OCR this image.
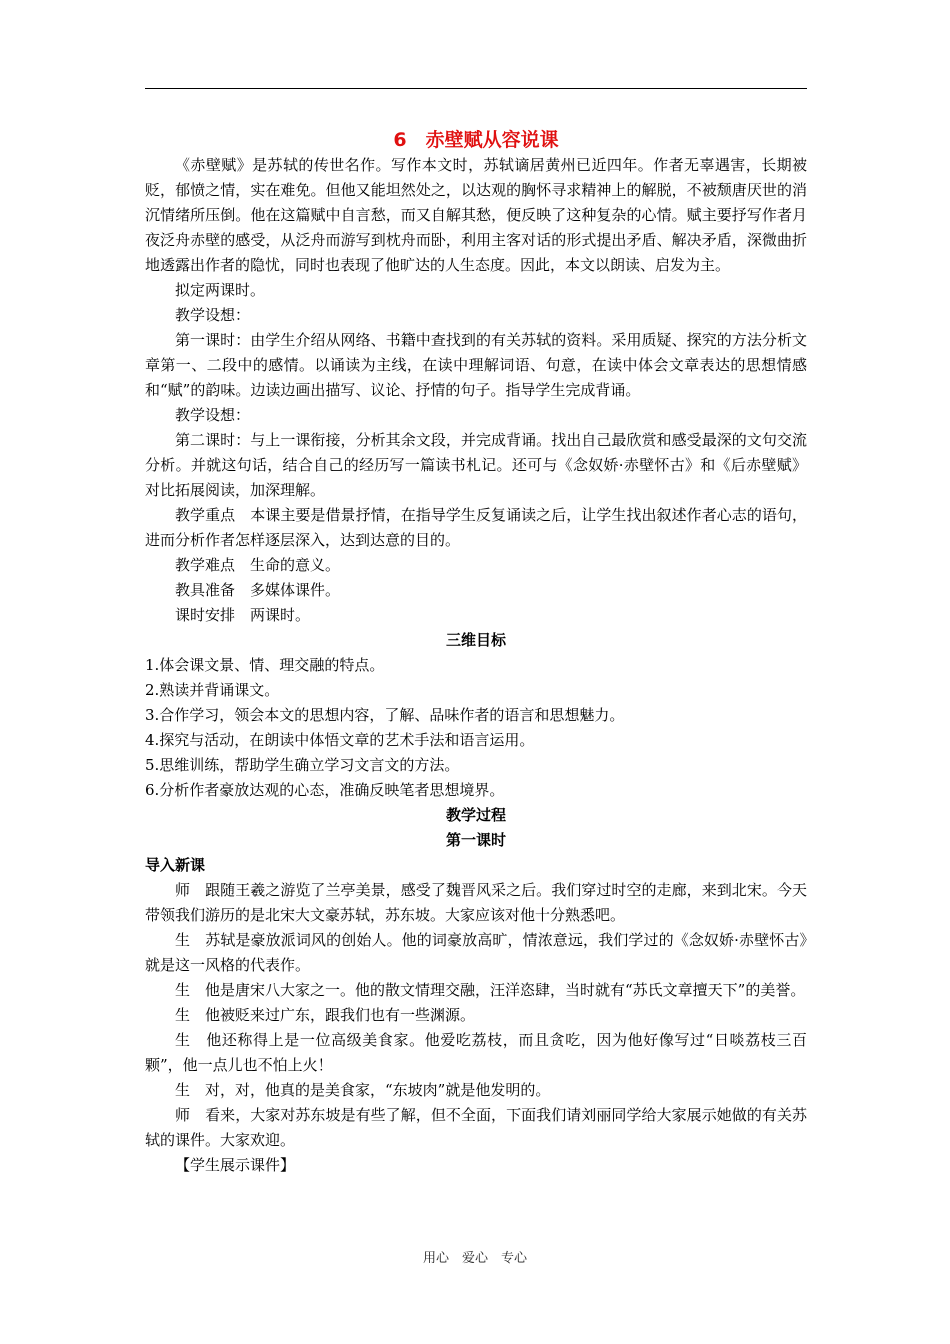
6　赤壁赋从容说课

《赤壁赋》是苏轼的传世名作。写作本文时，苏轼谪居黄州已近四年。作者无辜遇害，长期被贬，郁愤之情，实在难免。但他又能坦然处之，以达观的胸怀寻求精神上的解脱，不被颓唐厌世的消沉情绪所压倒。他在这篇赋中自言愁，而又自解其愁，便反映了这种复杂的心情。赋主要抒写作者月夜泛舟赤壁的感受，从泛舟而游写到枕舟而卧，利用主客对话的形式提出矛盾、解决矛盾，深微曲折地透露出作者的隐忧，同时也表现了他旷达的人生态度。因此，本文以朗读、启发为主。

拟定两课时。

教学设想：

第一课时：由学生介绍从网络、书籍中查找到的有关苏轼的资料。采用质疑、探究的方法分析文章第一、二段中的感情。以诵读为主线，在读中理解词语、句意，在读中体会文章表达的思想情感和“赋”的韵味。边读边画出描写、议论、抒情的句子。指导学生完成背诵。

教学设想：

第二课时：与上一课衔接，分析其余文段，并完成背诵。找出自己最欣赏和感受最深的文句交流分析。并就这句话，结合自己的经历写一篇读书札记。还可与《念奴娇·赤壁怀古》和《后赤壁赋》对比拓展阅读，加深理解。

教学重点　本课主要是借景抒情，在指导学生反复诵读之后，让学生找出叙述作者心志的语句，进而分析作者怎样逐层深入，达到达意的目的。

教学难点　生命的意义。

教具准备　多媒体课件。

课时安排　两课时。

三维目标

1.体会课文景、情、理交融的特点。

2.熟读并背诵课文。

3.合作学习，领会本文的思想内容，了解、品味作者的语言和思想魅力。

4.探究与活动，在朗读中体悟文章的艺术手法和语言运用。

5.思维训练，帮助学生确立学习文言文的方法。

6.分析作者豪放达观的心态，准确反映笔者思想境界。

教学过程
第一课时
导入新课

师　跟随王羲之游览了兰亭美景，感受了魏晋风采之后。我们穿过时空的走廊，来到北宋。今天带领我们游历的是北宋大文豪苏轼，苏东坡。大家应该对他十分熟悉吧。

生　苏轼是豪放派词风的创始人。他的词豪放高旷，情浓意远，我们学过的《念奴娇·赤壁怀古》就是这一风格的代表作。

生　他是唐宋八大家之一。他的散文情理交融，汪洋恣肆，当时就有“苏氏文章擅天下”的美誉。

生　他被贬来过广东，跟我们也有一些渊源。

生　他还称得上是一位高级美食家。他爱吃荔枝，而且贪吃，因为他好像写过“日啖荔枝三百颗”，他一点儿也不怕上火！

生　对，对，他真的是美食家，“东坡肉”就是他发明的。

师　看来，大家对苏东坡是有些了解，但不全面，下面我们请刘丽同学给大家展示她做的有关苏轼的课件。大家欢迎。

【学生展示课件】

用心　爱心　专心
